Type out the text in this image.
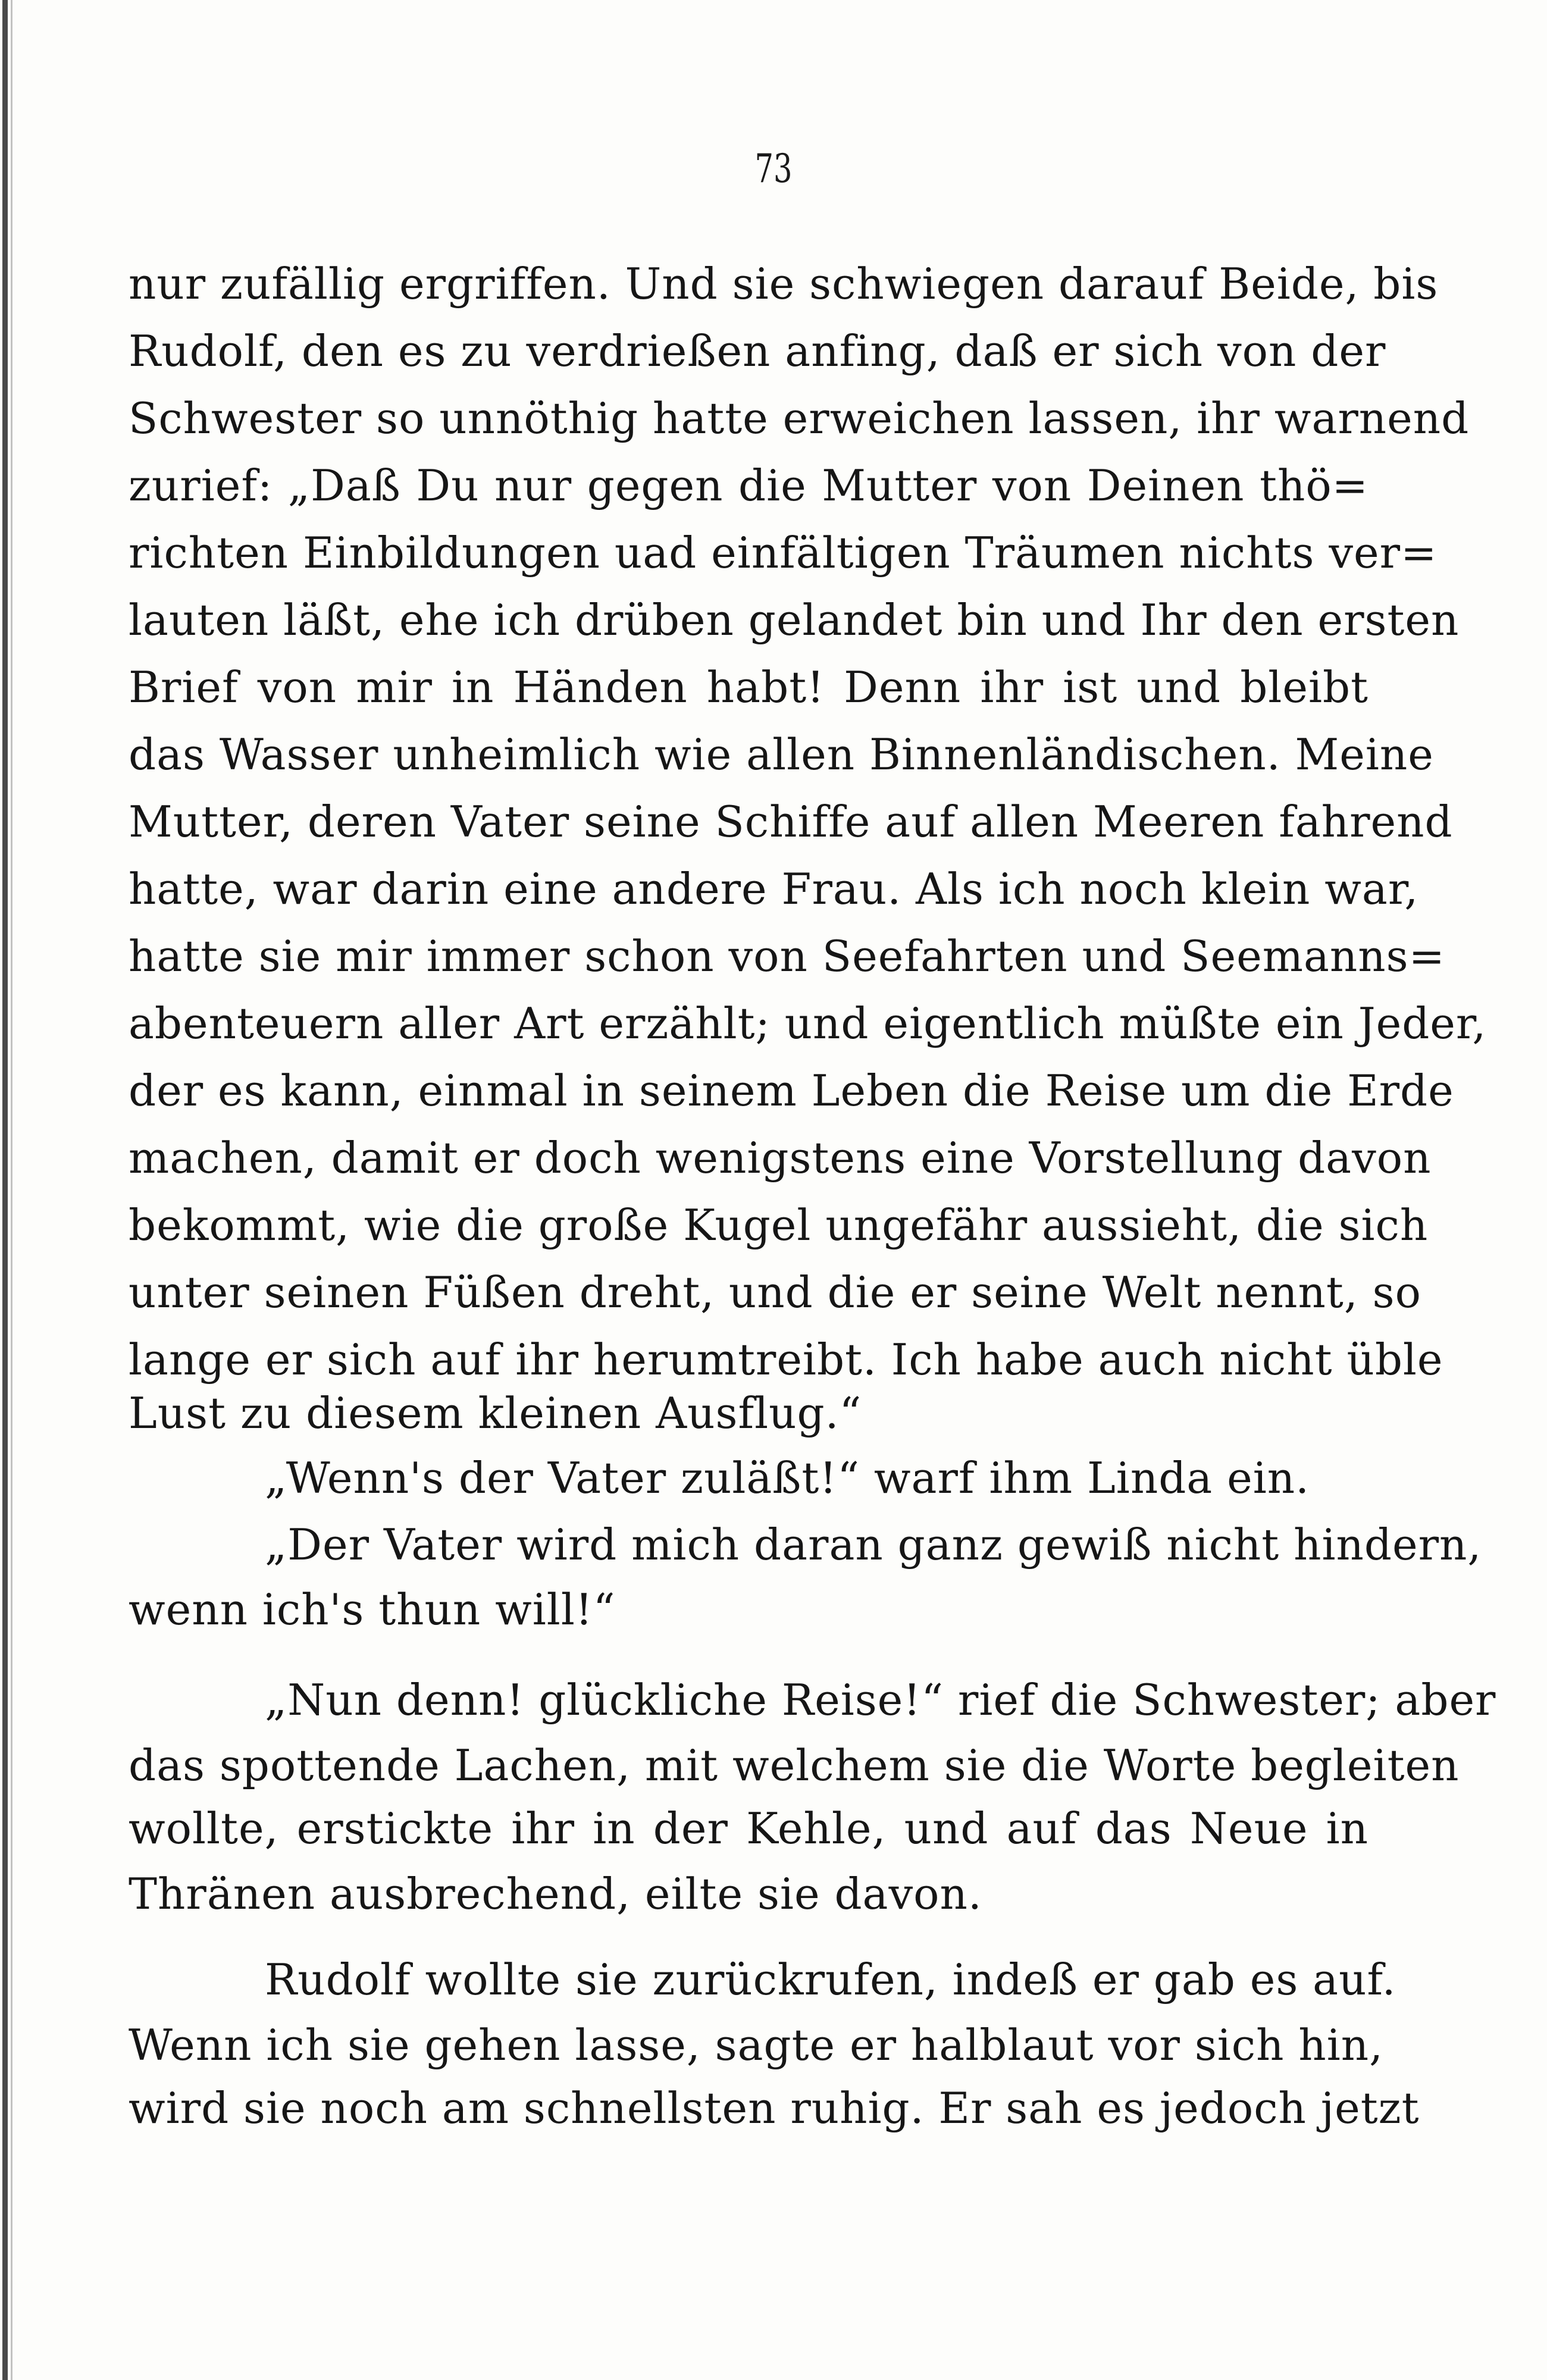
73
nur zufällig ergriffen. Und sie schwiegen darauf Beide, bis
Rudolf, den es zu verdrießen anfing, daß er sich von der
Schwester so unnöthig hatte erweichen lassen, ihr warnend
zurief: „Daß Du nur gegen die Mutter von Deinen thö=
richten Einbildungen uad einfältigen Träumen nichts ver=
lauten läßt, ehe ich drüben gelandet bin und Ihr den ersten
Brief von mir in Händen habt! Denn ihr ist und bleibt
das Wasser unheimlich wie allen Binnenländischen. Meine
Mutter, deren Vater seine Schiffe auf allen Meeren fahrend
hatte, war darin eine andere Frau. Als ich noch klein war,
hatte sie mir immer schon von Seefahrten und Seemanns=
abenteuern aller Art erzählt; und eigentlich müßte ein Jeder,
der es kann, einmal in seinem Leben die Reise um die Erde
machen, damit er doch wenigstens eine Vorstellung davon
bekommt, wie die große Kugel ungefähr aussieht, die sich
unter seinen Füßen dreht, und die er seine Welt nennt, so
lange er sich auf ihr herumtreibt. Ich habe auch nicht üble
Lust zu diesem kleinen Ausflug.“
„Wenn's der Vater zuläßt!“ warf ihm Linda ein.
„Der Vater wird mich daran ganz gewiß nicht hindern,
wenn ich's thun will!“
„Nun denn! glückliche Reise!“ rief die Schwester; aber
das spottende Lachen, mit welchem sie die Worte begleiten
wollte, erstickte ihr in der Kehle, und auf das Neue in
Thränen ausbrechend, eilte sie davon.
Rudolf wollte sie zurückrufen, indeß er gab es auf.
Wenn ich sie gehen lasse, sagte er halblaut vor sich hin,
wird sie noch am schnellsten ruhig. Er sah es jedoch jetzt
